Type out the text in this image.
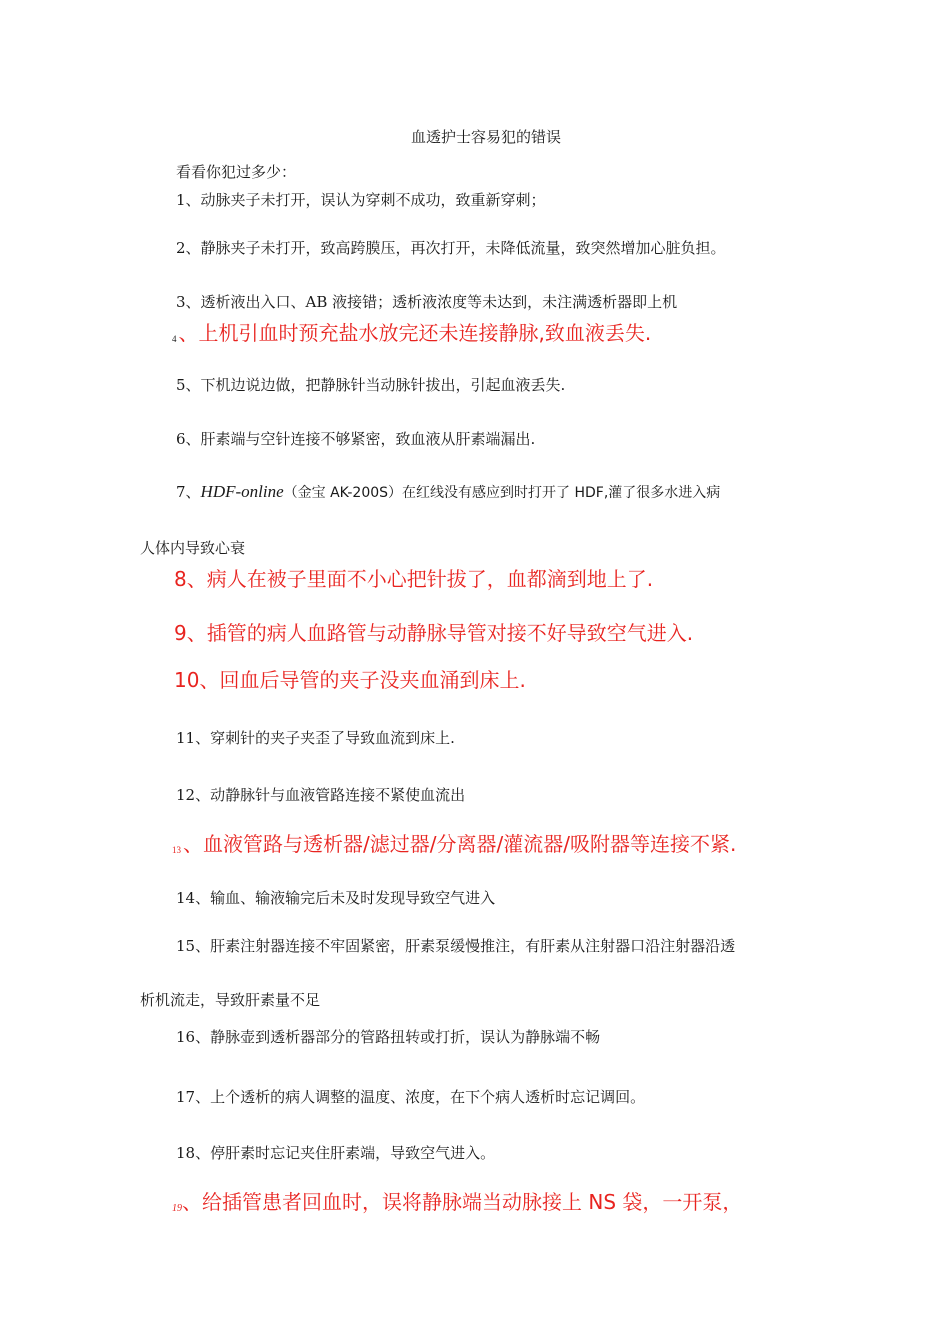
血透护士容易犯的错误
看看你犯过多少：
1、动脉夹子未打开，误认为穿刺不成功，致重新穿刺；
2、静脉夹子未打开，致高跨膜压，再次打开，未降低流量，致突然增加心脏负担。
3、透析液出入口、AB 液接错；透析液浓度等未达到，未注满透析器即上机
4 、上机引血时预充盐水放完还未连接静脉,致血液丢失.
5、下机边说边做，把静脉针当动脉针拔出，引起血液丢失.
6、肝素端与空针连接不够紧密，致血液从肝素端漏出.
7、HDF-online（金宝 AK-200S）在红线没有感应到时打开了 HDF,灌了很多水进入病
人体内导致心衰
8、病人在被子里面不小心把针拔了，血都滴到地上了.
9、插管的病人血路管与动静脉导管对接不好导致空气进入.
10、回血后导管的夹子没夹血涌到床上.
11、穿刺针的夹子夹歪了导致血流到床上.
12、动静脉针与血液管路连接不紧使血流出
13 、血液管路与透析器/滤过器/分离器/灌流器/吸附器等连接不紧.
14、输血、输液输完后未及时发现导致空气进入
15、肝素注射器连接不牢固紧密，肝素泵缓慢推注，有肝素从注射器口沿注射器沿透
析机流走，导致肝素量不足
16、静脉壶到透析器部分的管路扭转或打折，误认为静脉端不畅
17、上个透析的病人调整的温度、浓度，在下个病人透析时忘记调回。
18、停肝素时忘记夹住肝素端，导致空气进入。
19、给插管患者回血时，误将静脉端当动脉接上 NS 袋，一开泵，
